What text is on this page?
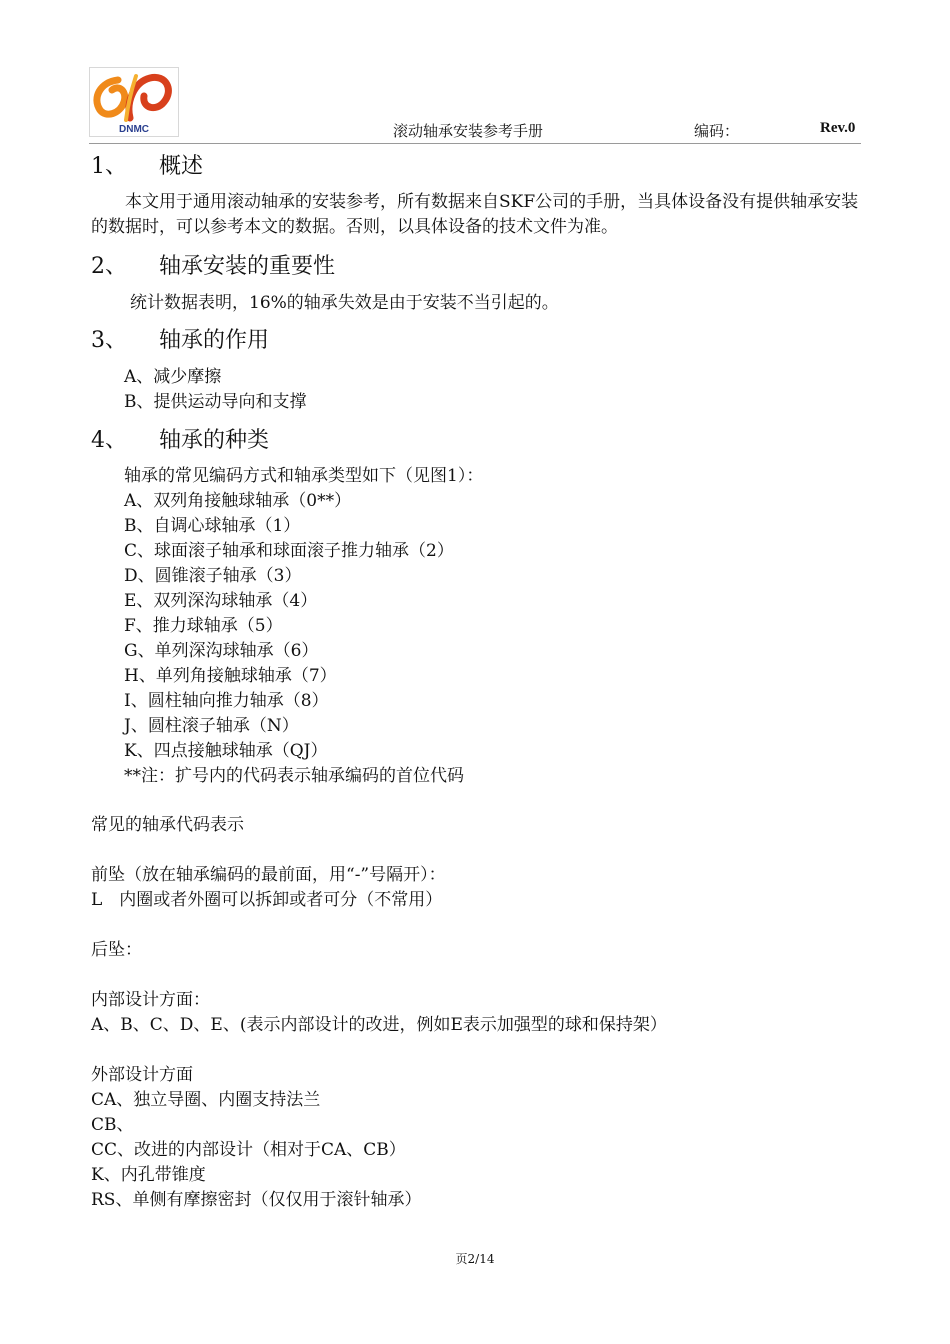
DNMC	滚动轴承安装参考手册	编码：	Rev.0
1、 概述
本文用于通用滚动轴承的安装参考，所有数据来自SKF公司的手册，当具体设备没有提供轴承安装的数据时，可以参考本文的数据。否则，以具体设备的技术文件为准。
2、 轴承安装的重要性
统计数据表明，16%的轴承失效是由于安装不当引起的。
3、 轴承的作用
A、减少摩擦
B、提供运动导向和支撑
4、 轴承的种类
轴承的常见编码方式和轴承类型如下（见图1）：
A、双列角接触球轴承（0**）
B、自调心球轴承（1）
C、球面滚子轴承和球面滚子推力轴承（2）
D、圆锥滚子轴承（3）
E、双列深沟球轴承（4）
F、推力球轴承（5）
G、单列深沟球轴承（6）
H、单列角接触球轴承（7）
I、圆柱轴向推力轴承（8）
J、圆柱滚子轴承（N）
K、四点接触球轴承（QJ）
**注：扩号内的代码表示轴承编码的首位代码
常见的轴承代码表示
前坠（放在轴承编码的最前面，用“-”号隔开）：
L　内圈或者外圈可以拆卸或者可分（不常用）
后坠：
内部设计方面：
A、B、C、D、E、(表示内部设计的改进，例如E表示加强型的球和保持架）
外部设计方面
CA、独立导圈、内圈支持法兰
CB、
CC、改进的内部设计（相对于CA、CB）
K、内孔带锥度
RS、单侧有摩擦密封（仅仅用于滚针轴承）
页2/14
